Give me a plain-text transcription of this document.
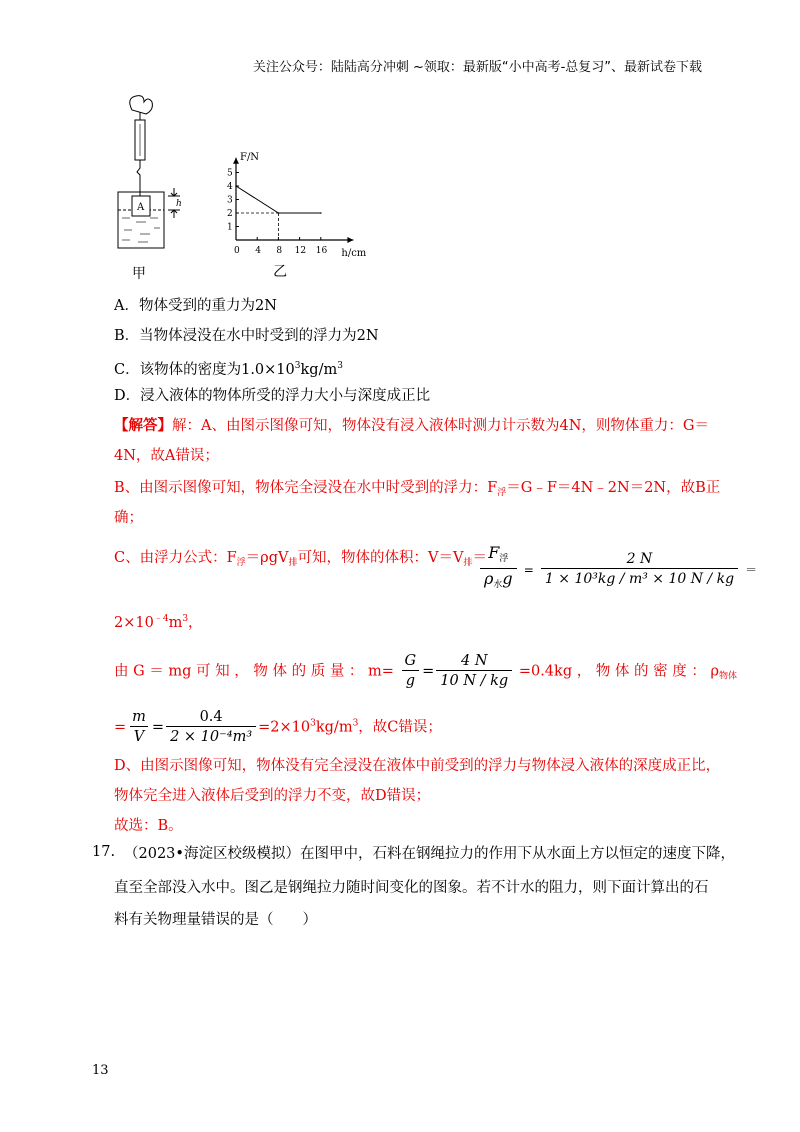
关注公众号：陆陆高分冲刺 ~领取：最新版“小中高考-总复习”、最新试卷下载
A	h
甲
F/N
h/cm
1
2
3
4
5
0 4 8 12 16
乙
A．物体受到的重力为2N
B．当物体浸没在水中时受到的浮力为2N
C．该物体的密度为$1.0\times 10^3kg/m^3$
D．浸入液体的物体所受的浮力大小与深度成正比
【解答】解：A、由图示图像可知，物体没有浸入液体时测力计示数为4N，则物体重力：G＝
4N，故A错误；
B、由图示图像可知，物体完全浸没在水中时受到的浮力：$F_浮=G﹣F=4N﹣2N=2N$，故B正
确；
C、由浮力公式：$F_浮=\rho gV_排$可知，物体的体积：$V=V_排=$
$\frac{F_浮}{\rho_水g} = \frac{2 N}{\text{1 × 10³kg / m³ × 10 N / kg}}$ ＝
$2\times 10^{﹣4}m^3$，
由 G ＝ mg 可 知 ， 物 体 的 质 量 ： $m= \frac{G}{g} = \frac{4 N}{10 N / kg} =0.4kg$ ， 物 体 的 密 度 ： $\rho_{物体}$
= $\frac{m}{V} = \frac{0.4}{\text{2 × 10⁻⁴m³}} =2\times 10^3kg/m^3$，故C错误；
D、由图示图像可知，物体没有完全浸没在液体中前受到的浮力与物体浸入液体的深度成正比，
物体完全进入液体后受到的浮力不变，故D错误；
故选：B。
17. （2023•海淀区校级模拟）在图甲中，石料在钢绳拉力的作用下从水面上方以恒定的速度下降，
直至全部没入水中。图乙是钢绳拉力随时间变化的图象。若不计水的阻力，则下面计算出的石
料有关物理量错误的是（　　）
13
